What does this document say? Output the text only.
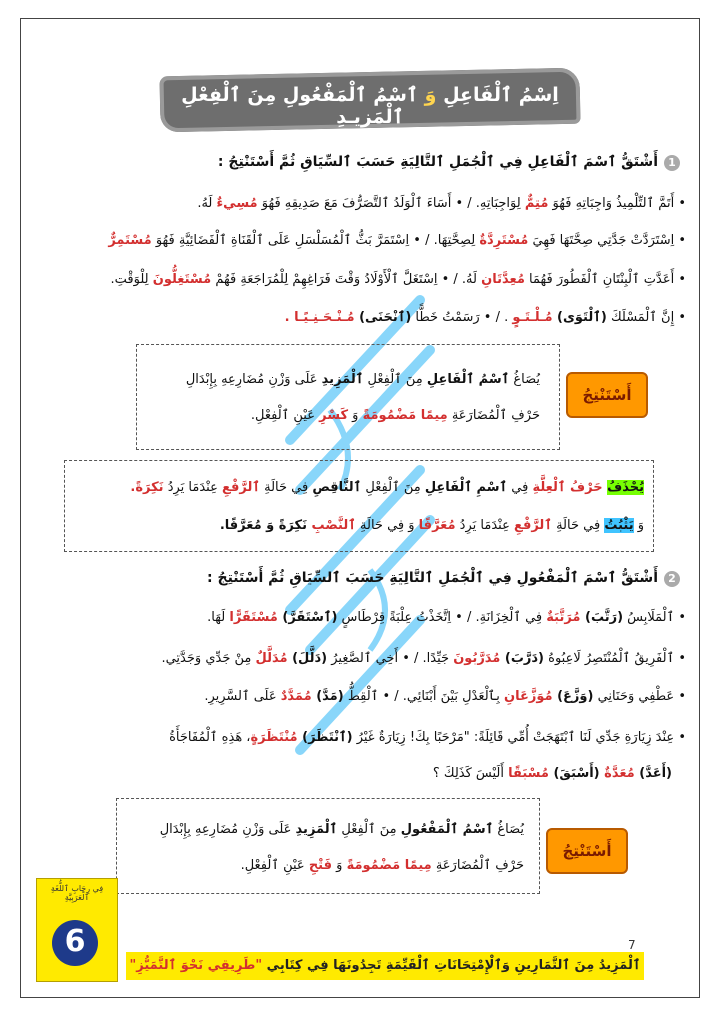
اِسْمُ ٱلْفَاعِلِ وَ ٱسْمُ ٱلْمَفْعُولِ مِنَ ٱلْفِعْلِ ٱلْمَزِيـدِ
1أَشْتَقُّ ٱسْمَ ٱلْفَاعِلِ فِي ٱلْجُمَلِ ٱلتَّالِيَةِ حَسَبَ ٱلسِّيَاقِ ثُمَّ أَسْتَنْتِجُ :
• أَتَمَّ ٱلتِّلْمِيذُ وَاجِبَاتِهِ فَهُوَ مُتِمٌّ لِوَاجِبَاتِهِ. / • أَسَاءَ ٱلْوَلَدُ ٱلتَّصَرُّفَ مَعَ صَدِيقِهِ فَهُوَ مُسِيءٌ لَهُ.
• اِسْتَرَدَّتْ جَدَّتِي صِحَّتَهَا فَهِيَ مُسْتَرِدَّةٌ لِصِحَّتِهَا. / • اِسْتَمَرَّ بَثُّ ٱلْمُسَلْسَلِ عَلَى ٱلْقَنَاةِ ٱلْفَضَائِيَّةِ فَهُوَ مُسْتَمِرٌّ
• أَعَدَّتِ ٱلْبِنْتَانِ ٱلْفَطُورَ فَهُمَا مُعِدَّتَانِ لَهُ. / • اِسْتَغَلَّ ٱلْأَوْلَادُ وَقْتَ فَرَاغِهِمْ لِلْمُرَاجَعَةِ فَهُمْ مُسْتَغِلُّونَ لِلْوَقْتِ.
• إِنَّ ٱلْمَسْلَكَ (ٱلْتَوَى) مُـلْـتَـوٍ . / • رَسَمْتُ خَطًّا (ٱنْحَنَى) مُـنْـحَـنِـيًـا .
أَسْتَنْتِجُ
يُصَاغُ ٱسْمُ ٱلْفَاعِلِ مِنَ ٱلْفِعْلِ ٱلْمَزِيدِ عَلَى وَزْنِ مُضَارِعِهِ بِإِبْدَالِ
حَرْفِ ٱلْمُضَارَعَةِ مِيمًا مَضْمُومَةً وَ كَسْرِ عَيْنِ ٱلْفِعْلِ.
يُحْذَفُ حَرْفُ ٱلْعِلَّةِ فِي ٱسْمِ ٱلْفَاعِلِ مِنَ ٱلْفِعْلِ ٱلنَّاقِصِ فِي حَالَةِ ٱلرَّفْعِ عِنْدَمَا يَرِدُ نَكِرَةً.
وَ يَثْبُتُ فِي حَالَةِ ٱلرَّفْعِ عِنْدَمَا يَرِدُ مُعَرَّفًا وَ فِي حَالَةِ ٱلنَّصْبِ نَكِرَةً وَ مُعَرَّفًا.
2أَشْتَقُّ ٱسْمَ ٱلْمَفْعُولِ فِي ٱلْجُمَلِ ٱلتَّالِيَةِ حَسَبَ ٱلسِّيَاقِ ثُمَّ أَسْتَنْتِجُ :
• ٱلْمَلَابِسُ (رَتَّبَ) مُرَتَّبَةٌ فِي ٱلْخِزَانَةِ. / • اِتَّخَذْتُ عِلْبَةً قِرْطَاسٍ (ٱسْتَقَرَّ) مُسْتَقَرًّا لَهَا.
• ٱلْفَرِيقُ ٱلْمُنْتَصِرُ لَاعِبُوهُ (دَرَّبَ) مُدَرَّبُونَ جَيِّدًا. / • أَخِي ٱلصَّغِيرُ (دَلَّلَ) مُدَلَّلٌ مِنْ جَدِّي وَجَدَّتِي.
• عَطْفِي وَحَنَانِي (وَزَّعَ) مُوَزَّعَانِ بِٱلْعَدْلِ بَيْنَ أَبْنَائِي. / • ٱلْقِطُّ (مَدَّ) مُمَدَّدٌ عَلَى ٱلسَّرِيرِ.
• عِنْدَ زِيَارَةِ جَدِّي لَنَا ٱبْتَهَجَتْ أُمِّي قَائِلَةً: "مَرْحَبًا بِكَ! زِيَارَةٌ غَيْرُ (ٱنْتَظَرَ) مُنْتَظَرَةٍ، هَذِهِ ٱلْمُفَاجَأَةُ
(أَعَدَّ) مُعَدَّةٌ (أَسْبَقَ) مُسْبَقًا أَلَيْسَ كَذَلِكَ ؟
أَسْتَنْتِجُ
يُصَاغُ ٱسْمُ ٱلْمَفْعُولِ مِنَ ٱلْفِعْلِ ٱلْمَزِيدِ عَلَى وَزْنِ مُضَارِعِهِ بِإِبْدَالِ
حَرْفِ ٱلْمُضَارَعَةِ مِيمًا مَضْمُومَةً وَ فَتْحِ عَيْنِ ٱلْفِعْلِ.
فِي رِحَابِ ٱللُّغَةِ ٱلْعَرَبِيَّةِ
6	7
ٱلْمَزِيدُ مِنَ ٱلتَّمَارِينِ وَٱلْإِمْتِحَانَاتِ ٱلْقَيِّمَةِ تَجِدُونَهَا فِي كِتَابِي "طَرِيقِي نَحْوَ ٱلتَّمَيُّزِ"
